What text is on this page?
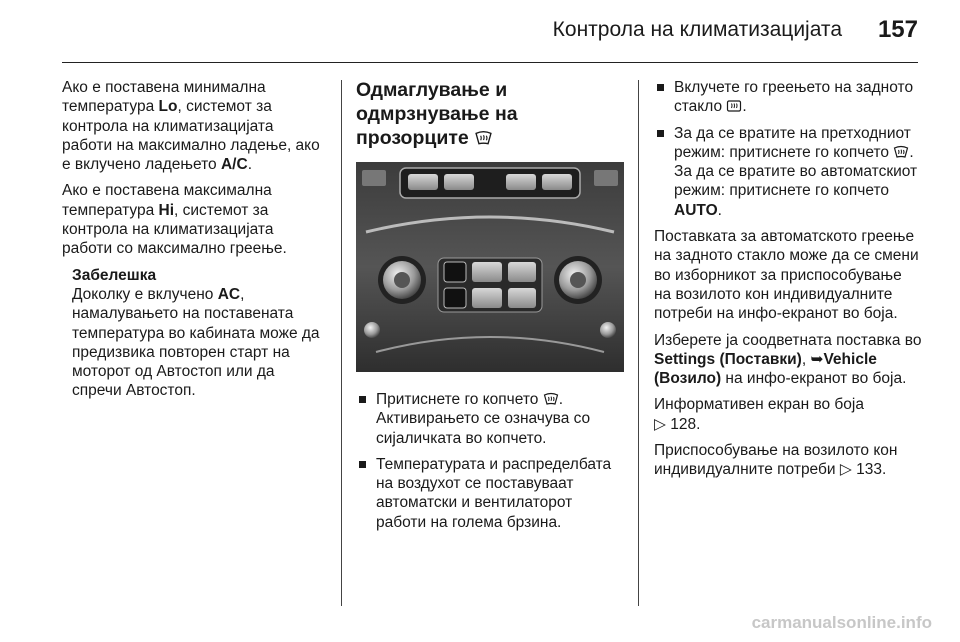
Контрола на климатизацијата 157

Ако е поставена минимална температура Lo, системот за контрола на климатизацијата работи на максимално ладење, ако е вклучено ладењето A/C.

Ако е поставена максимална температура Hi, системот за контрола на климатизацијата работи со максимално греење.

Забелешка
Доколку е вклучено AC, намалувањето на поставената температура во кабината може да предизвика повторен старт на моторот од Автостоп или да спречи Автостоп.
Одмаглување и одмрзнување на прозорците
Притиснете го копчето . Активирањето се означува со сијаличката во копчето.
Температурата и распределбата на воздухот се поставуваат автоматски и вентилаторот работи на голема брзина.
Вклучете го греењето на задното стакло .
За да се вратите на претходниот режим: притиснете го копчето . За да се вратите во автоматскиот режим: притиснете го копчето AUTO.

Поставката за автоматското греење на задното стакло може да се смени во изборникот за приспособување на возилото кон индивидуалните потреби на инфо-екранот во боја.

Изберете ја соодветната поставка во Settings (Поставки), ➥Vehicle (Возило) на инфо-екранот во боја.

Информативен екран во боја
▷ 128.

Приспособување на возилото кон индивидуалните потреби ▷ 133.

carmanualsonline.info
